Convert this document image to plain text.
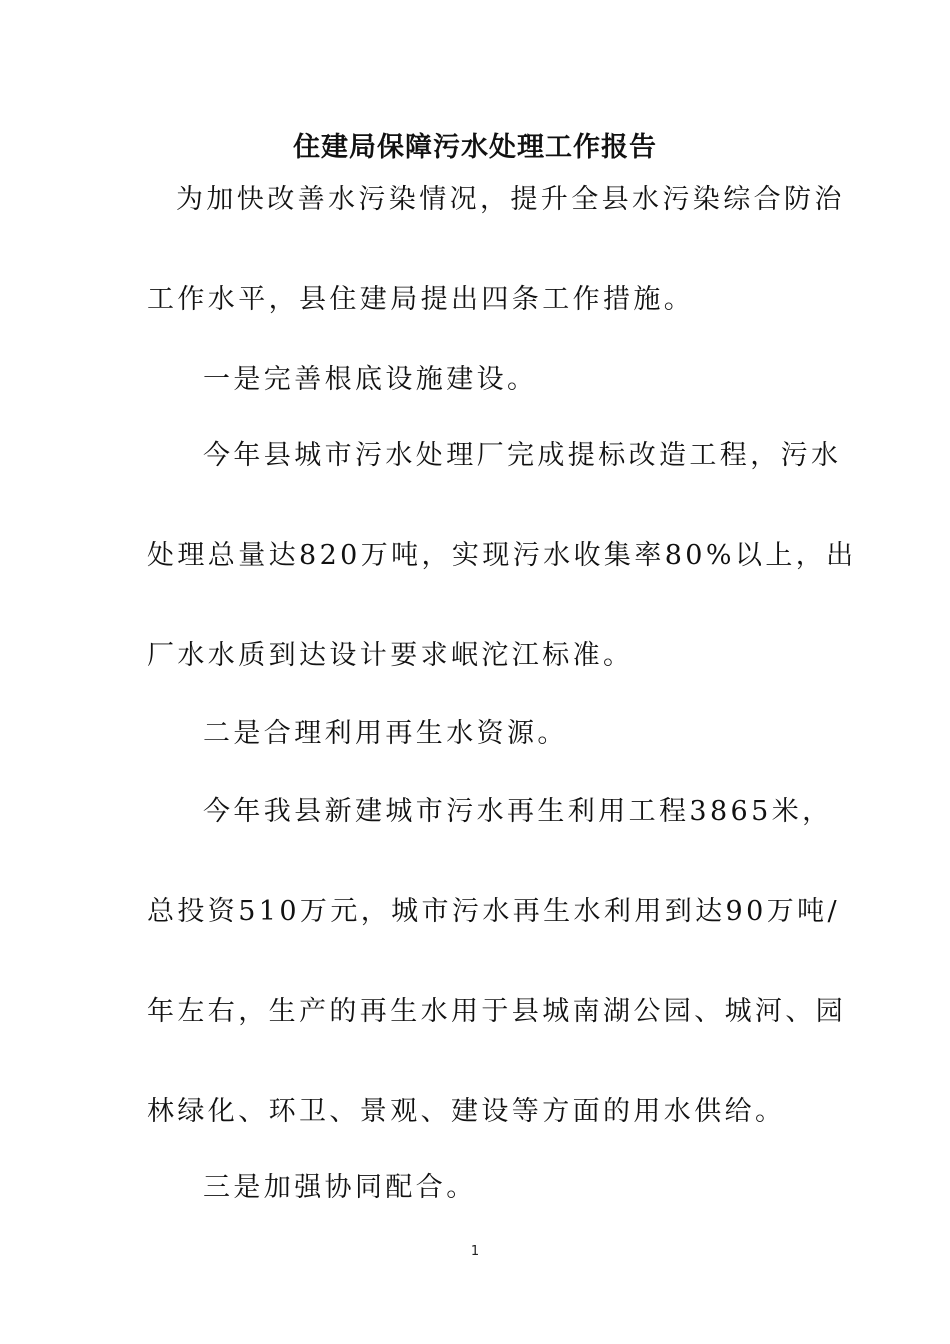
住建局保障污水处理工作报告

为加快改善水污染情况，提升全县水污染综合防治

工作水平，县住建局提出四条工作措施。

一是完善根底设施建设。

今年县城市污水处理厂完成提标改造工程，污水

处理总量达820万吨，实现污水收集率80%以上，出

厂水水质到达设计要求岷沱江标准。

二是合理利用再生水资源。

今年我县新建城市污水再生利用工程3865米，

总投资510万元，城市污水再生水利用到达90万吨/

年左右，生产的再生水用于县城南湖公园、城河、园

林绿化、环卫、景观、建设等方面的用水供给。

三是加强协同配合。

1
